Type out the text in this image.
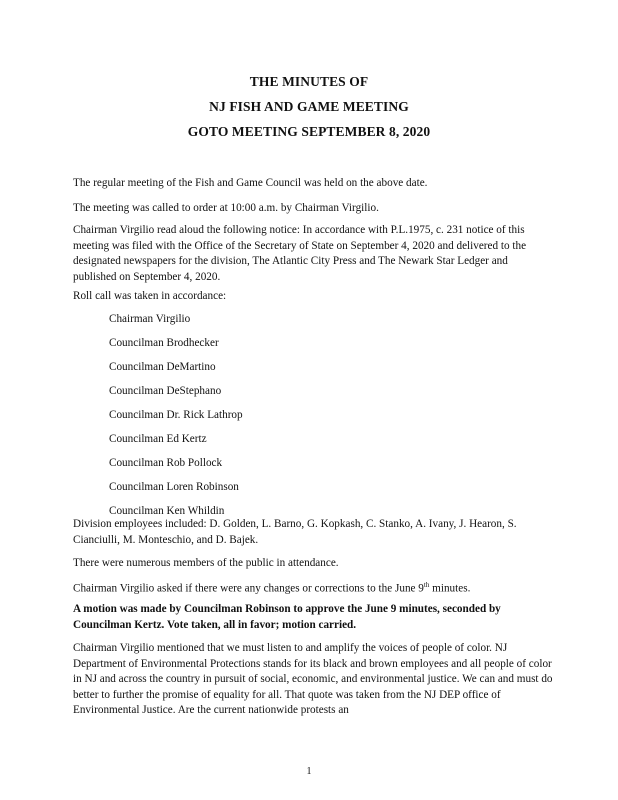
THE MINUTES OF
NJ FISH AND GAME MEETING
GOTO MEETING SEPTEMBER 8, 2020

The regular meeting of the Fish and Game Council was held on the above date.

The meeting was called to order at 10:00 a.m. by Chairman Virgilio.

Chairman Virgilio read aloud the following notice: In accordance with P.L.1975, c. 231 notice of this meeting was filed with the Office of the Secretary of State on September 4, 2020 and delivered to the designated newspapers for the division, The Atlantic City Press and The Newark Star Ledger and published on September 4, 2020.

Roll call was taken in accordance:

Chairman Virgilio
Councilman Brodhecker
Councilman DeMartino
Councilman DeStephano
Councilman Dr. Rick Lathrop
Councilman Ed Kertz
Councilman Rob Pollock
Councilman Loren Robinson
Councilman Ken Whildin

Division employees included: D. Golden, L. Barno, G. Kopkash, C. Stanko, A. Ivany, J. Hearon, S. Cianciulli, M. Monteschio, and D. Bajek.

There were numerous members of the public in attendance.

Chairman Virgilio asked if there were any changes or corrections to the June 9th minutes.

A motion was made by Councilman Robinson to approve the June 9 minutes, seconded by Councilman Kertz. Vote taken, all in favor; motion carried.

Chairman Virgilio mentioned that we must listen to and amplify the voices of people of color. NJ Department of Environmental Protections stands for its black and brown employees and all people of color in NJ and across the country in pursuit of social, economic, and environmental justice. We can and must do better to further the promise of equality for all. That quote was taken from the NJ DEP office of Environmental Justice. Are the current nationwide protests an

1
